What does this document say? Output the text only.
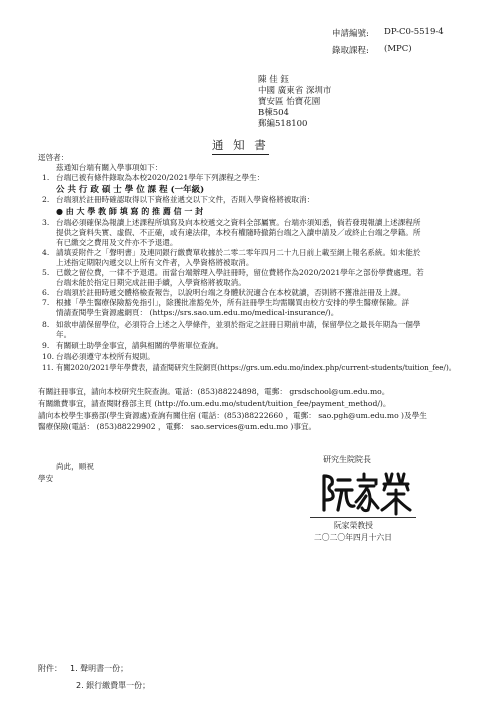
申請編號: DP-C0-5519-4
錄取課程: (MPC)
陳 佳 鈺
中國 廣東省 深圳市
寶安區 怡寶花園
B棟504
郵編518100
通 知 書
逕啓者：
茲通知台端有關入學事項如下：
1. 台端已被有條件錄取為本校2020/2021學年下列課程之學生：
公 共 行 政 碩 士 學 位 課 程 (一年級)
2. 台端須於註冊時確認取得以下資格並遞交以下文件，否則入學資格將被取消：
● 由 大 學 教 師 填 寫 的 推 薦 信 一 封
3. 台端必須確保為報讀上述課程所填寫及向本校遞交之資料全部屬實。台端亦須知悉，倘若發現報讀上述課程所
提供之資料失實、虛假、不正確，或有違法律，本校有權隨時撤銷台端之入讀申請及／或終止台端之學籍。所
有已繳交之費用及文件亦不予退還。
4. 請填妥附件之「聲明書」及連同銀行繳費單收據於二零二零年四月二十九日前上載至網上報名系統。如未能於
上述指定期限內遞交以上所有文件者，入學資格將被取消。
5. 已繳之留位費，一律不予退還。而當台端辦理入學註冊時，留位費將作為2020/2021學年之部份學費處理。若
台端未能於指定日期完成註冊手續，入學資格將被取消。
6. 台端須於註冊時遞交體格檢查報告，以說明台端之身體狀況適合在本校就讀，否則將不獲准註冊及上課。
7. 根據「學生醫療保險豁免指引」，除獲批准豁免外，所有註冊學生均需購買由校方安排的學生醫療保險。詳
情請查閱學生資源處網頁： (https://srs.sao.um.edu.mo/medical-insurance/)。
8. 如欲申請保留學位，必須符合上述之入學條件，並須於指定之註冊日期前申請，保留學位之最長年期為一個學
年。
9. 有關碩士助學金事宜，請與相關的學術單位查詢。
10. 台端必須遵守本校所有規則。
11. 有關2020/2021學年學費表，請查閱研究生院網頁(https://grs.um.edu.mo/index.php/current-students/tuition_fee/)。
有關註冊事宜，請向本校研究生院查詢。電話：(853)88224898，電郵： grsdschool@um.edu.mo。
有關繳費事宜，請查閱財務部主頁 (http://fo.um.edu.mo/student/tuition_fee/payment_method/)。
請向本校學生事務部(學生資源處)查詢有關住宿 (電話：(853)88222660 ，電郵： sao.pgh@um.edu.mo )及學生
醫療保險(電話： (853)88229902 ，電郵： sao.services@um.edu.mo )事宜。
尚此，順祝
學安
研究生院院長
阮家榮教授
二〇二〇年四月十六日
附件： 1. 聲明書一份；
2. 銀行繳費單一份；
